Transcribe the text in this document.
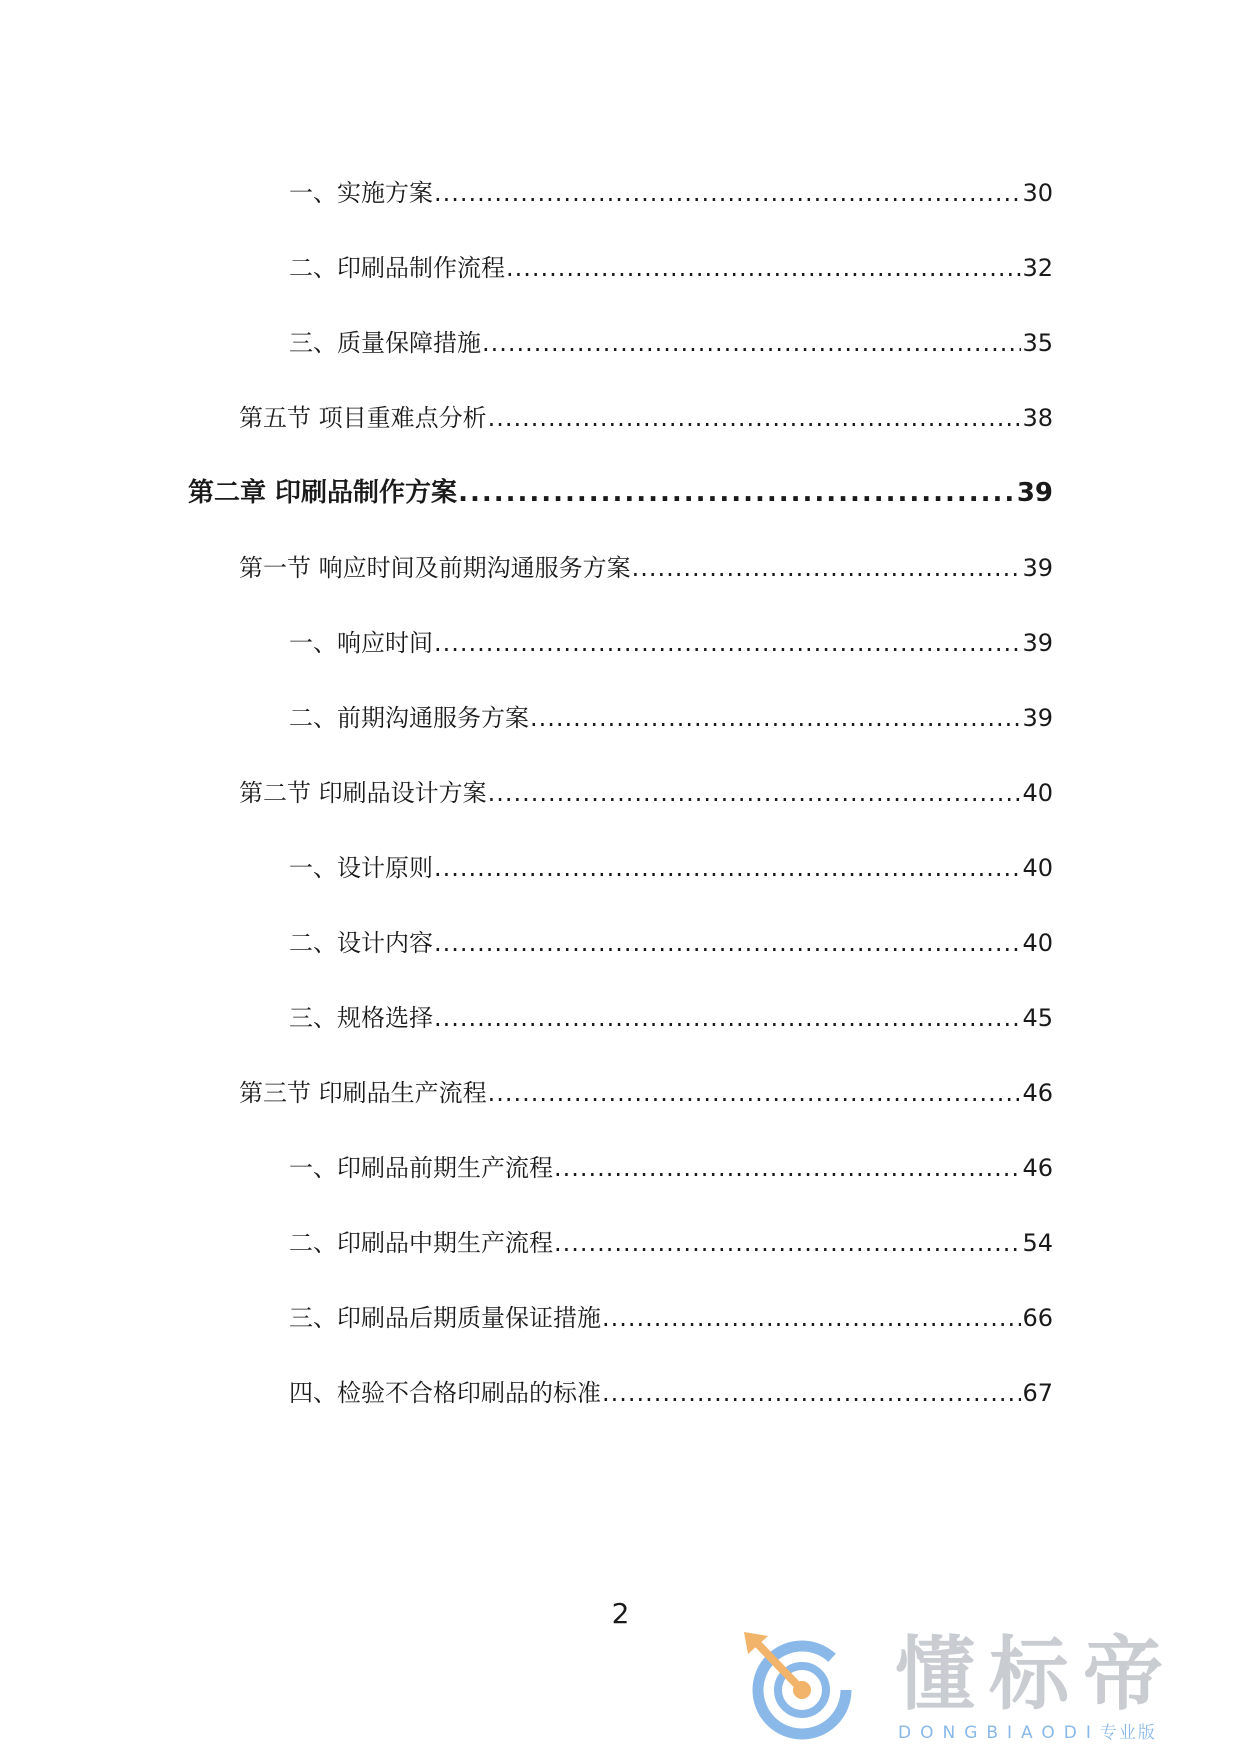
一、实施方案 .....	30
二、印刷品制作流程 .....	32
三、质量保障措施 .....	35
第五节 项目重难点分析 .....	38
第二章 印刷品制作方案 .....	39
第一节 响应时间及前期沟通服务方案 .....	39
一、响应时间 .....	39
二、前期沟通服务方案 .....	39
第二节 印刷品设计方案 .....	40
一、设计原则 .....	40
二、设计内容 .....	40
三、规格选择 .....	45
第三节 印刷品生产流程 .....	46
一、印刷品前期生产流程 .....	46
二、印刷品中期生产流程 .....	54
三、印刷品后期质量保证措施 .....	66
四、检验不合格印刷品的标准 .....	67
2
懂标帝
DONGBIAODI专业版
